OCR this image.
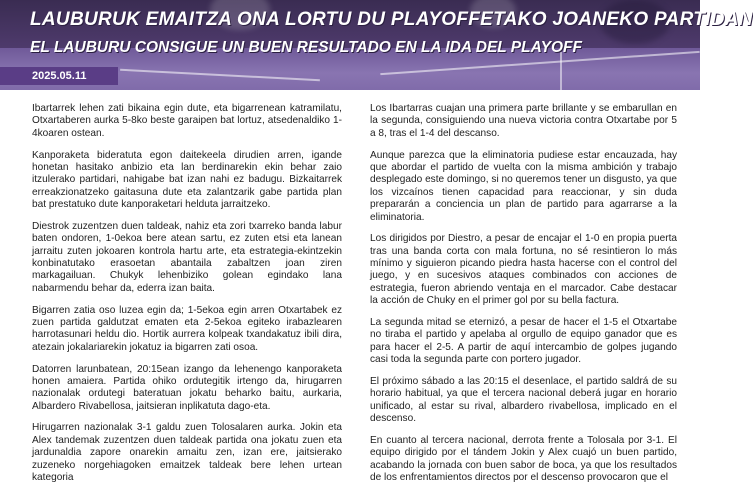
LAUBURUK EMAITZA ONA LORTU DU PLAYOFFETAKO JOANEKO PARTIDAN
EL LAUBURU CONSIGUE UN BUEN RESULTADO EN LA IDA DEL PLAYOFF
2025.05.11

Ibartarrek lehen zati bikaina egin dute, eta bigarrenean katramilatu, Otxartaberen aurka 5-8ko beste garaipen bat lortuz, atsedenaldiko 1-4koaren ostean.

Kanporaketa bideratuta egon daitekeela dirudien arren, igande honetan hasitako anbizio eta lan berdinarekin ekin behar zaio itzulerako partidari, nahigabe bat izan nahi ez badugu. Bizkaitarrek erreakzionatzeko gaitasuna dute eta zalantzarik gabe partida plan bat prestatuko dute kanporaketari helduta jarraitzeko.

Diestrok zuzentzen duen taldeak, nahiz eta zori txarreko banda labur baten ondoren, 1-0ekoa bere atean sartu, ez zuten etsi eta lanean jarraitu zuten jokoaren kontrola hartu arte, eta estrategia-ekintzekin konbinatutako erasoetan abantaila zabaltzen joan ziren markagailuan. Chukyk lehenbiziko golean egindako lana nabarmendu behar da, ederra izan baita.

Bigarren zatia oso luzea egin da; 1-5ekoa egin arren Otxartabek ez zuen partida galdutzat ematen eta 2-5ekoa egiteko irabazlearen harrotasunari heldu dio. Hortik aurrera kolpeak txandakatuz ibili dira, atezain jokalariarekin jokatuz ia bigarren zati osoa.

Datorren larunbatean, 20:15ean izango da lehenengo kanporaketa honen amaiera. Partida ohiko ordutegitik irtengo da, hirugarren nazionalak ordutegi bateratuan jokatu beharko baitu, aurkaria, Albardero Rivabellosa, jaitsieran inplikatuta dago-eta.

Hirugarren nazionalak 3-1 galdu zuen Tolosalaren aurka. Jokin eta Alex tandemak zuzentzen duen taldeak partida ona jokatu zuen eta jardunaldia zapore onarekin amaitu zen, izan ere, jaitsierako zuzeneko norgehiagoken emaitzek taldeak bere lehen urtean kategoria

Los Ibartarras cuajan una primera parte brillante y se embarullan en la segunda, consiguiendo una nueva victoria contra Otxartabe por 5 a 8, tras el 1-4 del descanso.

Aunque parezca que la eliminatoria pudiese estar encauzada, hay que abordar el partido de vuelta con la misma ambición y trabajo desplegado este domingo, si no queremos tener un disgusto, ya que los vizcaínos tienen capacidad para reaccionar, y sin duda prepararán a conciencia un plan de partido para agarrarse a la eliminatoria.

Los dirigidos por Diestro, a pesar de encajar el 1-0 en propia puerta tras una banda corta con mala fortuna, no sé resintieron lo más mínimo y siguieron picando piedra hasta hacerse con el control del juego, y en sucesivos ataques combinados con acciones de estrategia, fueron abriendo ventaja en el marcador. Cabe destacar la acción de Chuky en el primer gol por su bella factura.

La segunda mitad se eternizó, a pesar de hacer el 1-5 el Otxartabe no tiraba el partido y apelaba al orgullo de equipo ganador que es para hacer el 2-5. A partir de aquí intercambio de golpes jugando casi toda la segunda parte con portero jugador.

El próximo sábado a las 20:15 el desenlace, el partido saldrá de su horario habitual, ya que el tercera nacional deberá jugar en horario unificado, al estar su rival, albardero rivabellosa, implicado en el descenso.

En cuanto al tercera nacional, derrota frente a Tolosala por 3-1. El equipo dirigido por el tándem Jokin y Alex cuajó un buen partido, acabando la jornada con buen sabor de boca, ya que los resultados de los enfrentamientos directos por el descenso provocaron que el
